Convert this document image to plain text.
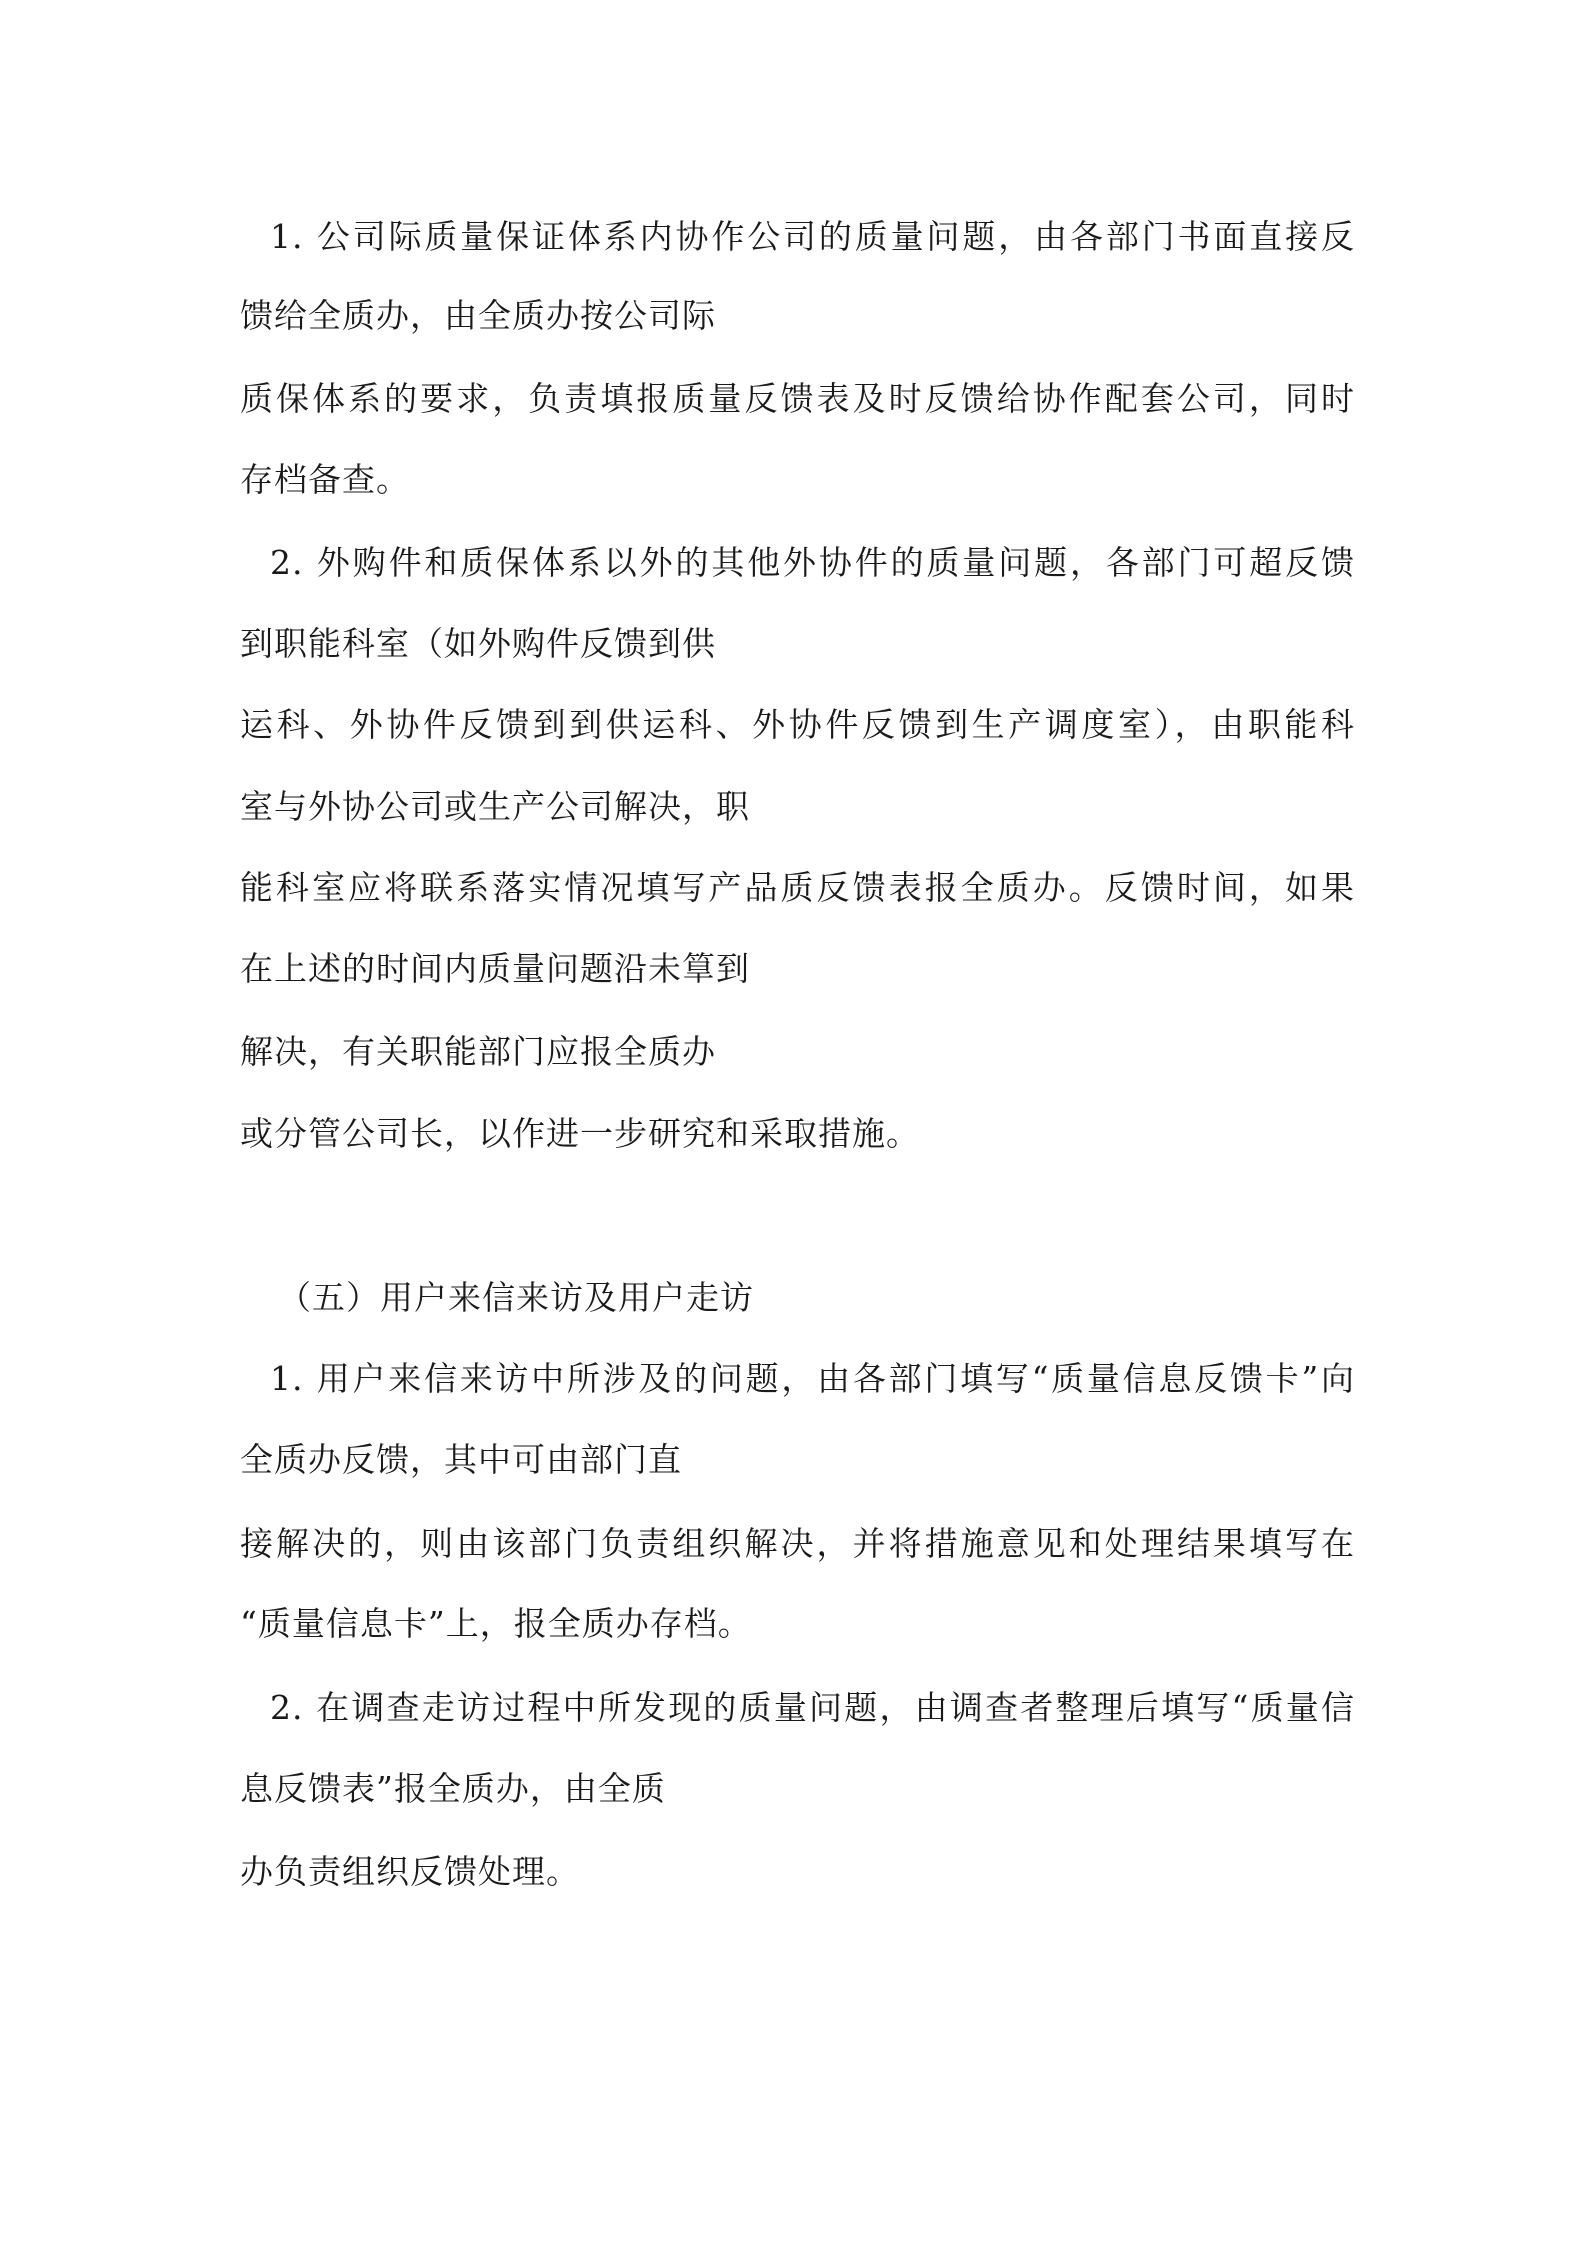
1. 公司际质量保证体系内协作公司的质量问题，由各部门书面直接反
馈给全质办，由全质办按公司际
质保体系的要求，负责填报质量反馈表及时反馈给协作配套公司，同时
存档备查。
2. 外购件和质保体系以外的其他外协件的质量问题，各部门可超反馈
到职能科室（如外购件反馈到供
运科、外协件反馈到到供运科、外协件反馈到生产调度室），由职能科
室与外协公司或生产公司解决，职
能科室应将联系落实情况填写产品质反馈表报全质办。反馈时间，如果
在上述的时间内质量问题沿未筸到
解决，有关职能部门应报全质办
或分管公司长，以作进一步研究和采取措施。
（五）用户来信来访及用户走访
1. 用户来信来访中所涉及的问题，由各部门填写“质量信息反馈卡”向
全质办反馈，其中可由部门直
接解决的，则由该部门负责组织解决，并将措施意见和处理结果填写在
“质量信息卡”上，报全质办存档。
2. 在调查走访过程中所发现的质量问题，由调查者整理后填写“质量信
息反馈表”报全质办，由全质
办负责组织反馈处理。
